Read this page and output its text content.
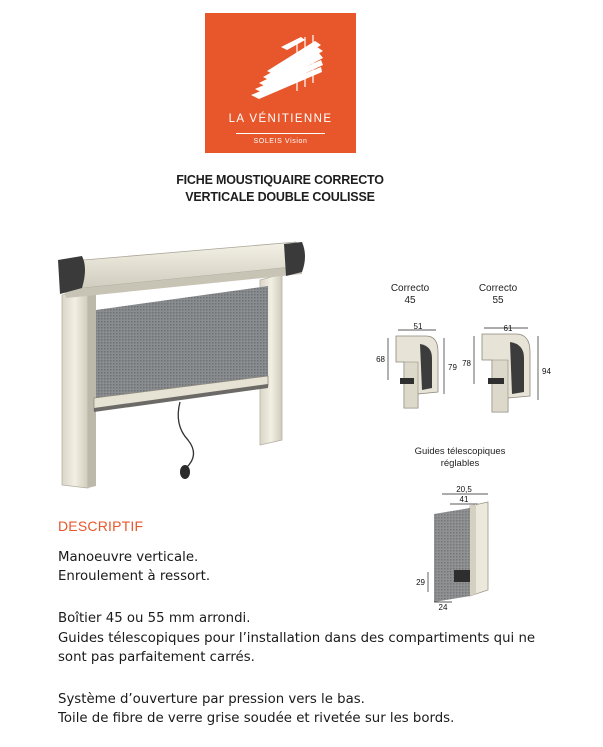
LA VÉNITIENNE
SOLEIS Vision
FICHE MOUSTIQUAIRE CORRECTO
VERTICALE DOUBLE COULISSE
Correcto
45
Correcto
55
51
68
79
61
78
94
Guides télescopiques
réglables
20,5
41
29
24
DESCRIPTIF
Manoeuvre verticale.
Enroulement à ressort.
Boîtier 45 ou 55 mm arrondi.
Guides télescopiques pour l’installation dans des compartiments qui ne
sont pas parfaitement carrés.
Système d’ouverture par pression vers le bas.
Toile de fibre de verre grise soudée et rivetée sur les bords.
